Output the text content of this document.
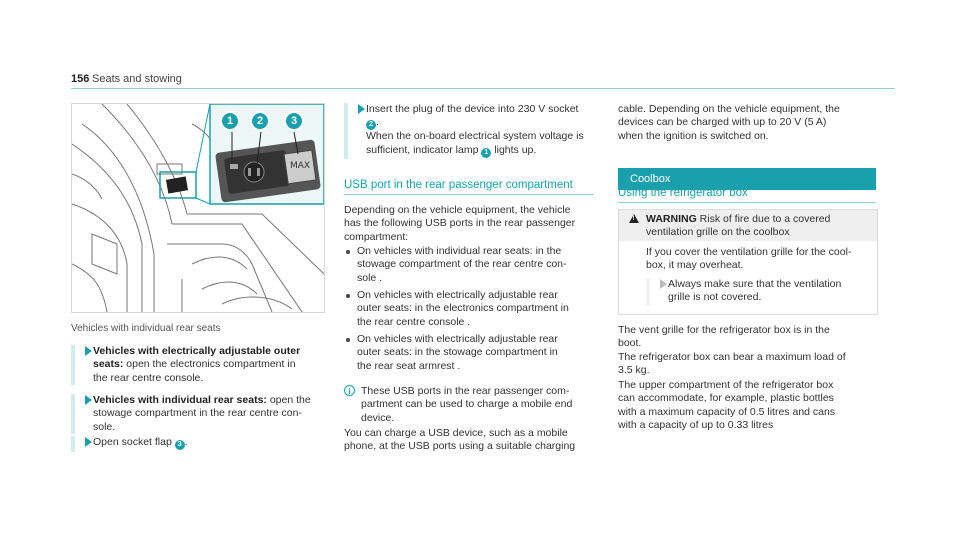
156 Seats and stowing
MAX
1	2	3
Vehicles with individual rear seats
Vehicles with electrically adjustable outer
seats: open the electronics compartment in
the rear centre console.
Vehicles with individual rear seats: open the
stowage compartment in the rear centre con-
sole.
Open socket flap 3 .
Insert the plug of the device into 230 V socket
2 .
When the on-board electrical system voltage is
sufficient, indicator lamp 1 lights up.
USB port in the rear passenger compartment
Depending on the vehicle equipment, the vehicle
has the following USB ports in the rear passenger
compartment:
On vehicles with individual rear seats: in the
stowage compartment of the rear centre con-
sole .
On vehicles with electrically adjustable rear
outer seats: in the electronics compartment in
the rear centre console .
On vehicles with electrically adjustable rear
outer seats: in the stowage compartment in
the rear seat armrest .
i These USB ports in the rear passenger com-
partment can be used to charge a mobile end
device.
You can charge a USB device, such as a mobile
phone, at the USB ports using a suitable charging
cable. Depending on the vehicle equipment, the
devices can be charged with up to 20 V (5 A)
when the ignition is switched on.
Coolbox
Using the refrigerator box
!
WARNING Risk of fire due to a covered
ventilation grille on the coolbox
If you cover the ventilation grille for the cool-
box, it may overheat.
Always make sure that the ventilation
grille is not covered.
The vent grille for the refrigerator box is in the
boot.
The refrigerator box can bear a maximum load of
3.5 kg.
The upper compartment of the refrigerator box
can accommodate, for example, plastic bottles
with a maximum capacity of 0.5 litres and cans
with a capacity of up to 0.33 litres
